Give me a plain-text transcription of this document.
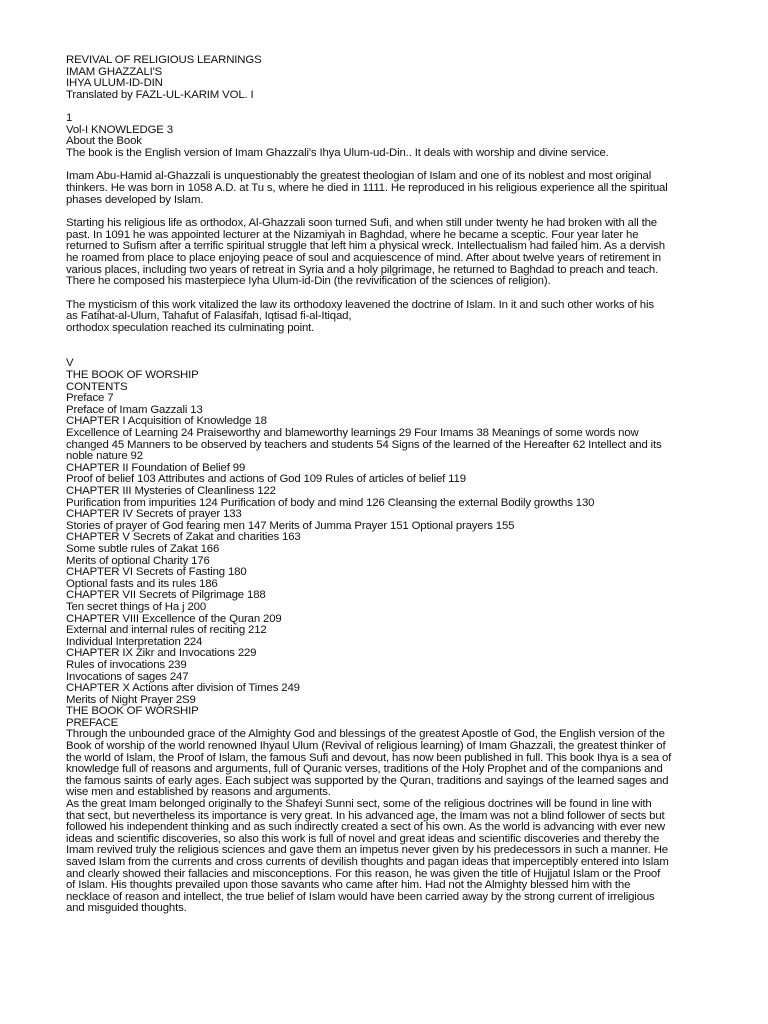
REVIVAL OF RELIGIOUS LEARNINGS
IMAM GHAZZALI'S
IHYA ULUM-ID-DIN
Translated by FAZL-UL-KARIM VOL. I
1
Vol-I KNOWLEDGE 3
About the Book
The book is the English version of Imam Ghazzali's Ihya Ulum-ud-Din.. It deals with worship and divine service.
Imam Abu-Hamid al-Ghazzali is unquestionably the greatest theologian of Islam and one of its noblest and most original
thinkers. He was born in 1058 A.D. at Tu s, where he died in 1111. He reproduced in his religious experience all the spiritual
phases developed by Islam.
Starting his religious life as orthodox, Al-Ghazzali soon turned Sufi, and when still under twenty he had broken with all the
past. In 1091 he was appointed lecturer at the Nizamiyah in Baghdad, where he became a sceptic. Four year later he
returned to Sufism after a terrific spiritual struggle that left him a physical wreck. Intellectualism had failed him. As a dervish
he roamed from place to place enjoying peace of soul and acquiescence of mind. After about twelve years of retirement in
various places, including two years of retreat in Syria and a holy pilgrimage, he returned to Baghdad to preach and teach.
There he composed his masterpiece Iyha Ulum-id-Din (the revivification of the sciences of religion).
The mysticism of this work vitalized the law its orthodoxy leavened the doctrine of Islam. In it and such other works of his
as Fatihat-al-Ulum, Tahafut of Falasifah, Iqtisad fi-al-Itiqad,
orthodox speculation reached its culminating point.
V
THE BOOK OF WORSHIP
CONTENTS
Preface 7
Preface of Imam Gazzali 13
CHAPTER I Acquisition of Knowledge 18
Excellence of Learning 24 Praiseworthy and blameworthy learnings 29 Four Imams 38 Meanings of some words now
changed 45 Manners to be observed by teachers and students 54 Signs of the learned of the Hereafter 62 Intellect and its
noble nature 92
CHAPTER II Foundation of Belief 99
Proof of belief 103 Attributes and actions of God 109 Rules of articles of belief 119
CHAPTER III Mysteries of Cleanliness 122
Purification from impurities 124 Purification of body and mind 126 Cleansing the external Bodily growths 130
CHAPTER IV Secrets of prayer 133
Stories of prayer of God fearing men 147 Merits of Jumma Prayer 151 Optional prayers 155
CHAPTER V Secrets of Zakat and charities 163
Some subtle rules of Zakat 166
Merits of optional Charity 176
CHAPTER VI Secrets of Fasting 180
Optional fasts and its rules 186
CHAPTER VII Secrets of Pilgrimage 188
Ten secret things of Ha j 200
CHAPTER VIII Excellence of the Quran 209
External and internal rules of reciting 212
Individual Interpretation 224
CHAPTER IX Zikr and Invocations 229
Rules of invocations 239
Invocations of sages 247
CHAPTER X Actions after division of Times 249
Merits of Night Prayer 2S9
THE BOOK OF WORSHIP
PREFACE
Through the unbounded grace of the Almighty God and blessings of the greatest Apostle of God, the English version of the
Book of worship of the world renowned Ihyaul Ulum (Revival of religious learning) of Imam Ghazzali, the greatest thinker of
the world of Islam, the Proof of Islam, the famous Sufi and devout, has now been published in full. This book Ihya is a sea of
knowledge full of reasons and arguments, full of Quranic verses, traditions of the Holy Prophet and of the companions and
the famous saints of early ages. Each subject was supported by the Quran, traditions and sayings of the learned sages and
wise men and established by reasons and arguments.
As the great Imam belonged originally to the Shafeyi Sunni sect, some of the religious doctrines will be found in line with
that sect, but nevertheless its importance is very great. In his advanced age, the Imam was not a blind follower of sects but
followed his independent thinking and as such indirectly created a sect of his own. As the world is advancing with ever new
ideas and scientific discoveries, so also this work is full of novel and great ideas and scientific discoveries and thereby the
Imam revived truly the religious sciences and gave them an impetus never given by his predecessors in such a manner. He
saved Islam from the currents and cross currents of devilish thoughts and pagan ideas that imperceptibly entered into Islam
and clearly showed their fallacies and misconceptions. For this reason, he was given the title of Hujjatul Islam or the Proof
of Islam. His thoughts prevailed upon those savants who came after him. Had not the Almighty blessed him with the
necklace of reason and intellect, the true belief of Islam would have been carried away by the strong current of irreligious
and misguided thoughts.
